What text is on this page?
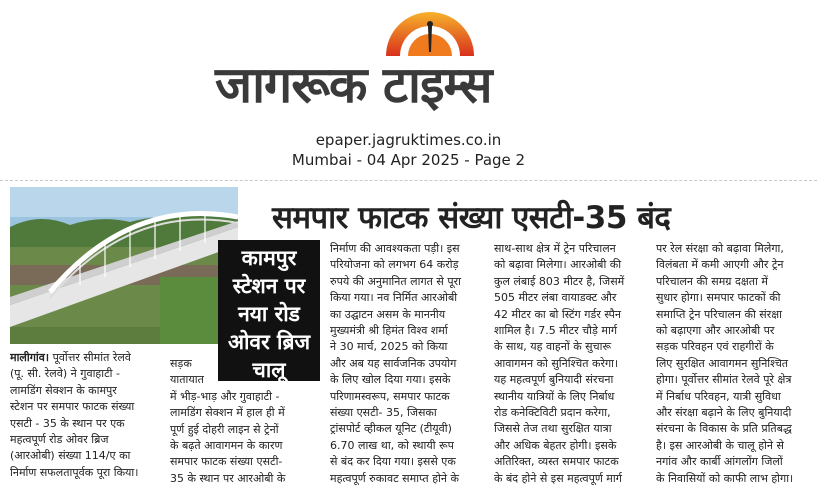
जागरूक टाइम्स
epaper.jagruktimes.co.in
Mumbai - 04 Apr 2025 - Page 2
कामपुर
स्टेशन पर
नया रोड
ओवर ब्रिज
चालू
समपार फाटक संख्या एसटी-35 बंद
मालीगांव। पूर्वोत्तर सीमांत रेलवे
(पू. सी. रेलवे) ने गुवाहाटी -
लामडिंग सेक्शन के कामपुर
स्टेशन पर समपार फाटक संख्या
एसटी - 35 के स्थान पर एक
महत्वपूर्ण रोड ओवर ब्रिज
(आरओबी) संख्या 114/ए का
निर्माण सफलतापूर्वक पूरा किया।
सड़क
यातायात
में भीड़-भाड़ और गुवाहाटी -
लामडिंग सेक्शन में हाल ही में
पूर्ण हुई दोहरी लाइन से ट्रेनों
के बढ़ते आवागमन के कारण
समपार फाटक संख्या एसटी-
35 के स्थान पर आरओबी के
निर्माण की आवश्यकता पड़ी। इस
परियोजना को लगभग 64 करोड़
रुपये की अनुमानित लागत से पूरा
किया गया। नव निर्मित आरओबी
का उद्घाटन असम के माननीय
मुख्यमंत्री श्री हिमंत विश्व शर्मा
ने 30 मार्च, 2025 को किया
और अब यह सार्वजनिक उपयोग
के लिए खोल दिया गया। इसके
परिणामस्वरूप, समपार फाटक
संख्या एसटी- 35, जिसका
ट्रांसपोर्ट व्हीकल यूनिट (टीयूवी)
6.70 लाख था, को स्थायी रूप
से बंद कर दिया गया। इससे एक
महत्वपूर्ण रुकावट समाप्त होने के
साथ-साथ क्षेत्र में ट्रेन परिचालन
को बढ़ावा मिलेगा। आरओबी की
कुल लंबाई 803 मीटर है, जिसमें
505 मीटर लंबा वायाडक्ट और
42 मीटर का बो स्टिंग गर्डर स्पैन
शामिल है। 7.5 मीटर चौड़े मार्ग
के साथ, यह वाहनों के सुचारू
आवागमन को सुनिश्चित करेगा।
यह महत्वपूर्ण बुनियादी संरचना
स्थानीय यात्रियों के लिए निर्बाध
रोड कनेक्टिविटी प्रदान करेगा,
जिससे तेज तथा सुरक्षित यात्रा
और अधिक बेहतर होगी। इसके
अतिरिक्त, व्यस्त समपार फाटक
के बंद होने से इस महत्वपूर्ण मार्ग
पर रेल संरक्षा को बढ़ावा मिलेगा,
विलंबता में कमी आएगी और ट्रेन
परिचालन की समग्र दक्षता में
सुधार होगा। समपार फाटकों की
समाप्ति ट्रेन परिचालन की संरक्षा
को बढ़ाएगा और आरओबी पर
सड़क परिवहन एवं राहगीरों के
लिए सुरक्षित आवागमन सुनिश्चित
होगा। पूर्वोत्तर सीमांत रेलवे पूरे क्षेत्र
में निर्बाध परिवहन, यात्री सुविधा
और संरक्षा बढ़ाने के लिए बुनियादी
संरचना के विकास के प्रति प्रतिबद्ध
है। इस आरओबी के चालू होने से
नगांव और कार्बी आंगलोंग जिलों
के निवासियों को काफी लाभ होगा।
